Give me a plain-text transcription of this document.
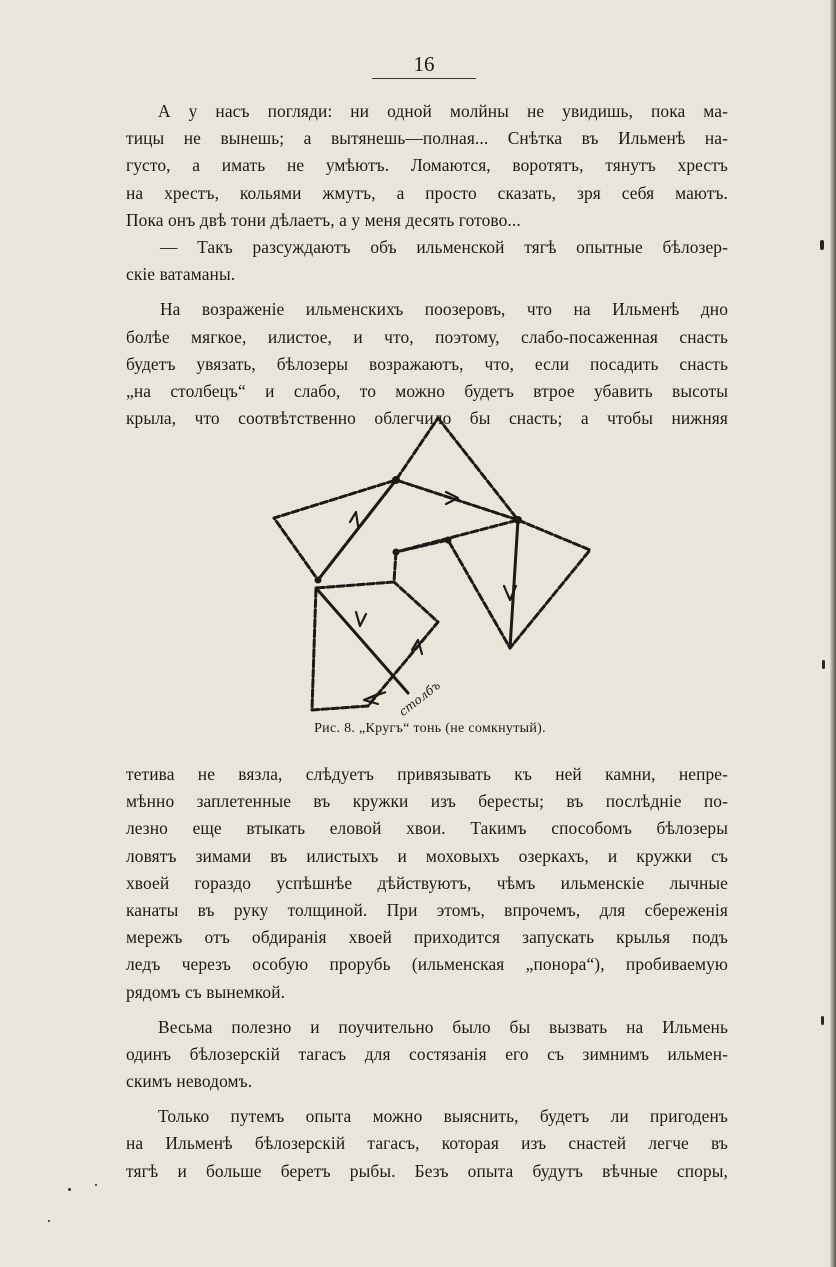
16
А у насъ погляди: ни одной молйны не увидишь, пока ма-
тицы не вынешь; а вытянешь—полная... Снѣтка въ Ильменѣ на-
густо, а имать не умѣютъ. Ломаются, воротятъ, тянутъ хрестъ
на хрестъ, кольями жмутъ, а просто сказать, зря себя маютъ.
Пока онъ двѣ тони дѣлаетъ, а у меня десять готово...
— Такъ разсуждаютъ объ ильменской тягѣ опытные бѣлозер-
скіе ватаманы.
На возраженіе ильменскихъ поозеровъ, что на Ильменѣ дно
болѣе мягкое, илистое, и что, поэтому, слабо-посаженная снасть
будетъ увязать, бѣлозеры возражаютъ, что, если посадить снасть
„на столбецъ“ и слабо, то можно будетъ втрое убавить высоты
крыла, что соотвѣтственно облегчило бы снасть; а чтобы нижняя
столбъ
Рис. 8. „Кругъ“ тонь (не сомкнутый).
тетива не вязла, слѣдуетъ привязывать къ ней камни, непре-
мѣнно заплетенные въ кружки изъ бересты; въ послѣдніе по-
лезно еще втыкать еловой хвои. Такимъ способомъ бѣлозеры
ловятъ зимами въ илистыхъ и моховыхъ озеркахъ, и кружки съ
хвоей гораздо успѣшнѣе дѣйствуютъ, чѣмъ ильменскіе лычные
канаты въ руку толщиной. При этомъ, впрочемъ, для сбереженія
мережъ отъ обдиранія хвоей приходится запускать крылья подъ
ледъ черезъ особую прорубь (ильменская „понора“), пробиваемую
рядомъ съ вынемкой.
Весьма полезно и поучительно было бы вызвать на Ильмень
одинъ бѣлозерскій тагасъ для состязанія его съ зимнимъ ильмен-
скимъ неводомъ.
Только путемъ опыта можно выяснить, будетъ ли пригоденъ
на Ильменѣ бѣлозерскій тагасъ, которая изъ снастей легче въ
тягѣ и больше беретъ рыбы. Безъ опыта будутъ вѣчные споры,
